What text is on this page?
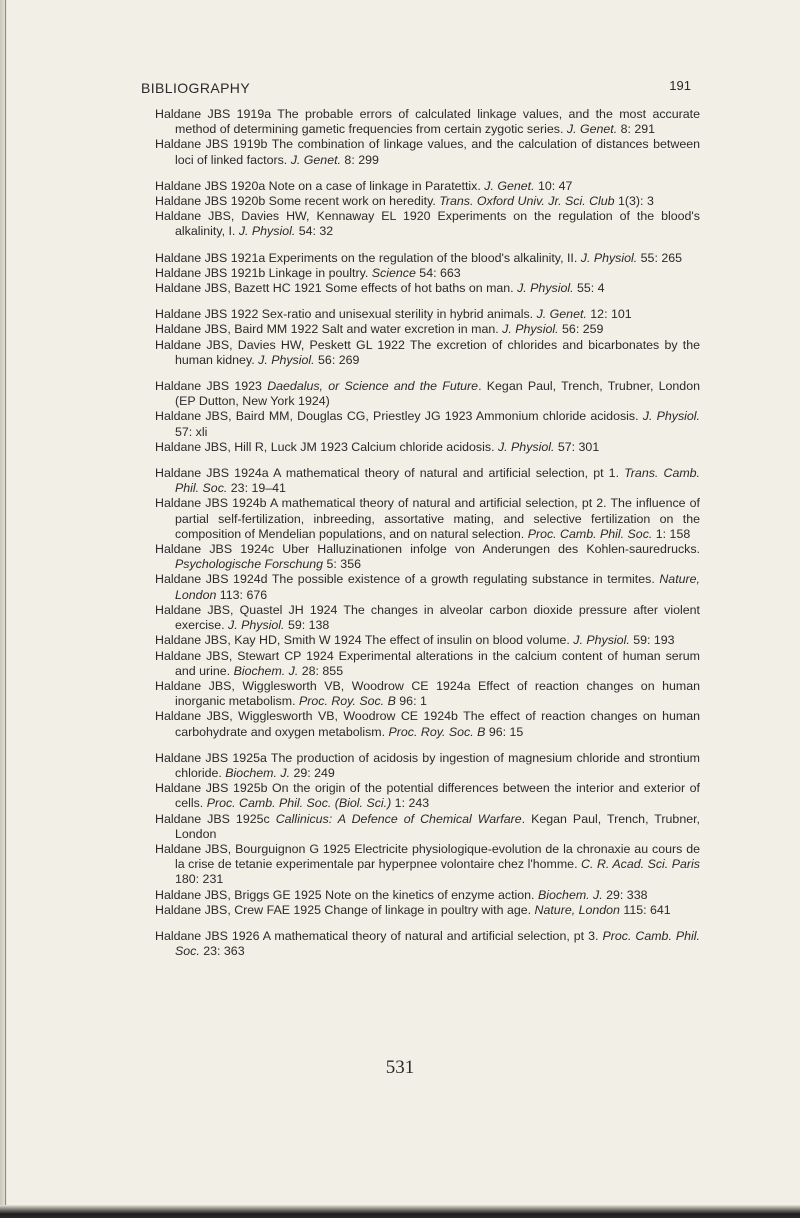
BIBLIOGRAPHY	191

Haldane JBS 1919a The probable errors of calculated linkage values, and the most accurate method of determining gametic frequencies from certain zygotic series. J. Genet. 8: 291

Haldane JBS 1919b The combination of linkage values, and the calculation of distances between loci of linked factors. J. Genet. 8: 299

Haldane JBS 1920a Note on a case of linkage in Paratettix. J. Genet. 10: 47

Haldane JBS 1920b Some recent work on heredity. Trans. Oxford Univ. Jr. Sci. Club 1(3): 3

Haldane JBS, Davies HW, Kennaway EL 1920 Experiments on the regulation of the blood's alkalinity, I. J. Physiol. 54: 32

Haldane JBS 1921a Experiments on the regulation of the blood's alkalinity, II. J. Physiol. 55: 265

Haldane JBS 1921b Linkage in poultry. Science 54: 663

Haldane JBS, Bazett HC 1921 Some effects of hot baths on man. J. Physiol. 55: 4

Haldane JBS 1922 Sex-ratio and unisexual sterility in hybrid animals. J. Genet. 12: 101

Haldane JBS, Baird MM 1922 Salt and water excretion in man. J. Physiol. 56: 259

Haldane JBS, Davies HW, Peskett GL 1922 The excretion of chlorides and bicarbonates by the human kidney. J. Physiol. 56: 269

Haldane JBS 1923 Daedalus, or Science and the Future. Kegan Paul, Trench, Trubner, London (EP Dutton, New York 1924)

Haldane JBS, Baird MM, Douglas CG, Priestley JG 1923 Ammonium chloride acidosis. J. Physiol. 57: xli

Haldane JBS, Hill R, Luck JM 1923 Calcium chloride acidosis. J. Physiol. 57: 301

Haldane JBS 1924a A mathematical theory of natural and artificial selection, pt 1. Trans. Camb. Phil. Soc. 23: 19–41

Haldane JBS 1924b A mathematical theory of natural and artificial selection, pt 2. The influence of partial self-fertilization, inbreeding, assortative mating, and selective fertilization on the composition of Mendelian populations, and on natural selection. Proc. Camb. Phil. Soc. 1: 158

Haldane JBS 1924c Uber Halluzinationen infolge von Anderungen des Kohlen-sauredrucks. Psychologische Forschung 5: 356

Haldane JBS 1924d The possible existence of a growth regulating substance in termites. Nature, London 113: 676

Haldane JBS, Quastel JH 1924 The changes in alveolar carbon dioxide pressure after violent exercise. J. Physiol. 59: 138

Haldane JBS, Kay HD, Smith W 1924 The effect of insulin on blood volume. J. Physiol. 59: 193

Haldane JBS, Stewart CP 1924 Experimental alterations in the calcium content of human serum and urine. Biochem. J. 28: 855

Haldane JBS, Wigglesworth VB, Woodrow CE 1924a Effect of reaction changes on human inorganic metabolism. Proc. Roy. Soc. B 96: 1

Haldane JBS, Wigglesworth VB, Woodrow CE 1924b The effect of reaction changes on human carbohydrate and oxygen metabolism. Proc. Roy. Soc. B 96: 15

Haldane JBS 1925a The production of acidosis by ingestion of magnesium chloride and strontium chloride. Biochem. J. 29: 249

Haldane JBS 1925b On the origin of the potential differences between the interior and exterior of cells. Proc. Camb. Phil. Soc. (Biol. Sci.) 1: 243

Haldane JBS 1925c Callinicus: A Defence of Chemical Warfare. Kegan Paul, Trench, Trubner, London

Haldane JBS, Bourguignon G 1925 Electricite physiologique-evolution de la chronaxie au cours de la crise de tetanie experimentale par hyperpnee volontaire chez l'homme. C. R. Acad. Sci. Paris 180: 231

Haldane JBS, Briggs GE 1925 Note on the kinetics of enzyme action. Biochem. J. 29: 338

Haldane JBS, Crew FAE 1925 Change of linkage in poultry with age. Nature, London 115: 641

Haldane JBS 1926 A mathematical theory of natural and artificial selection, pt 3. Proc. Camb. Phil. Soc. 23: 363

531
